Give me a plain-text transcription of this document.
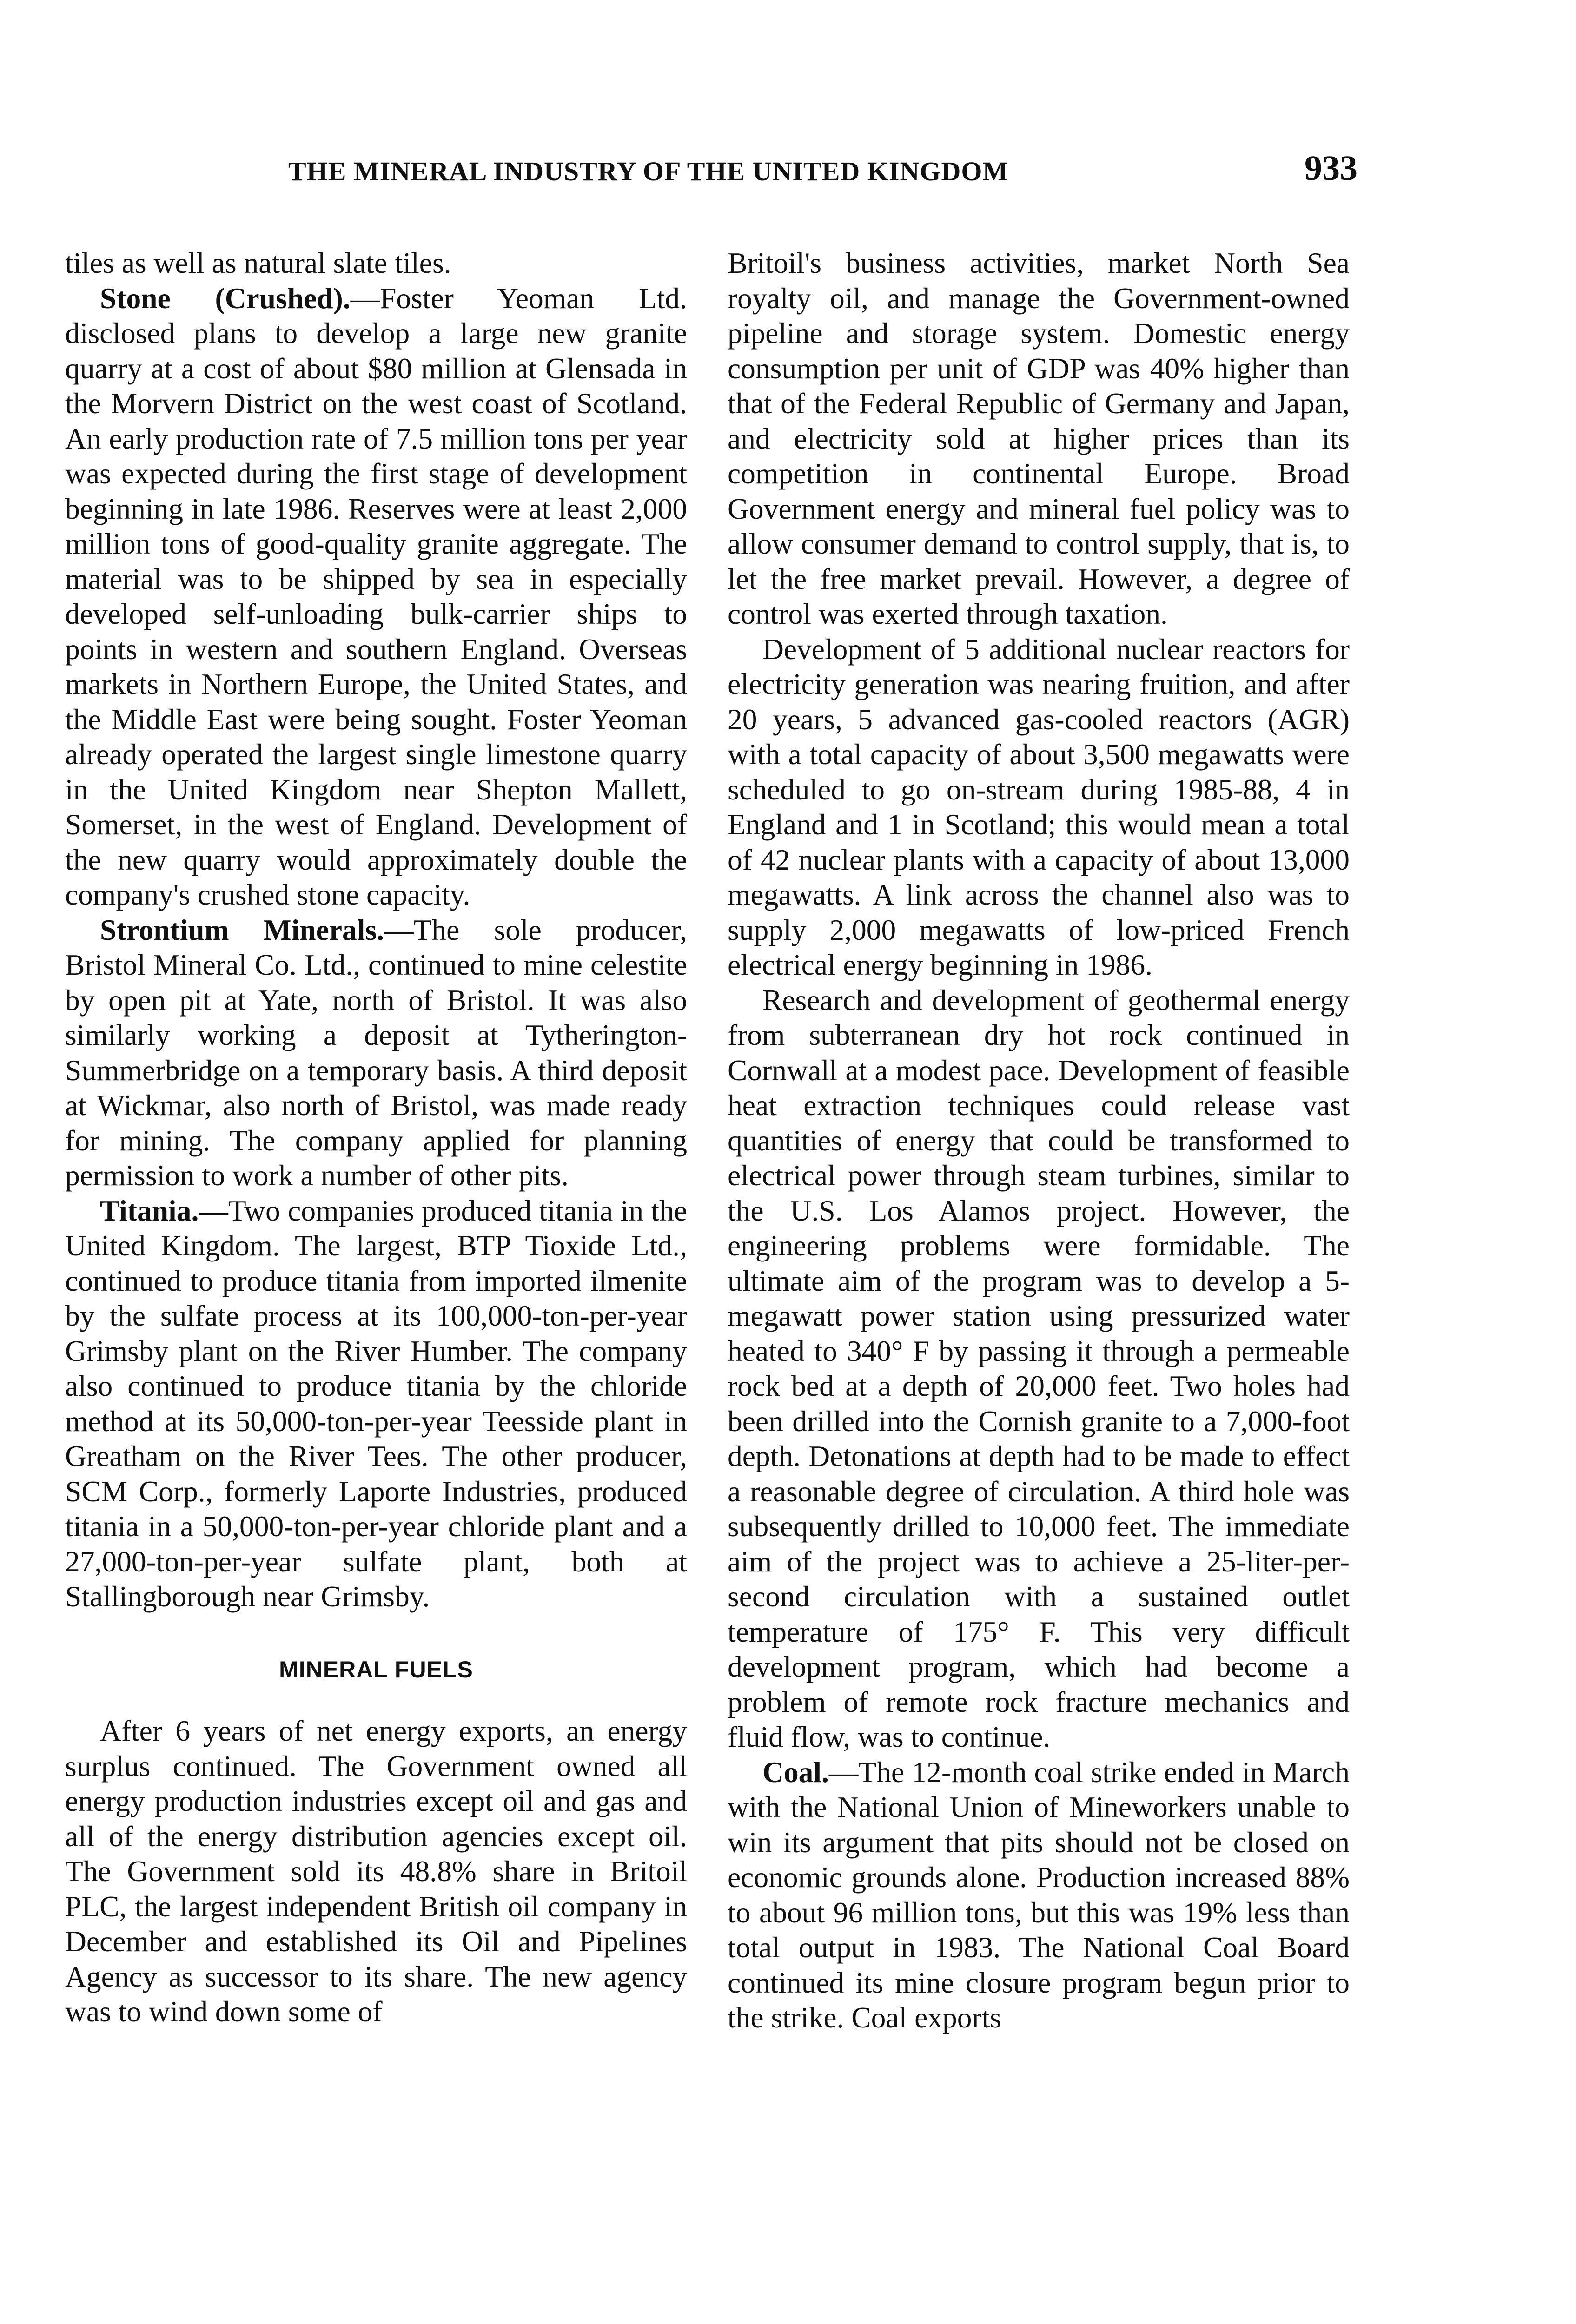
THE MINERAL INDUSTRY OF THE UNITED KINGDOM	933

tiles as well as natural slate tiles.

Stone (Crushed).—Foster Yeoman Ltd. disclosed plans to develop a large new granite quarry at a cost of about $80 million at Glensada in the Morvern District on the west coast of Scotland. An early production rate of 7.5 million tons per year was expected during the first stage of development beginning in late 1986. Reserves were at least 2,000 million tons of good-quality granite aggregate. The material was to be shipped by sea in especially developed self-unloading bulk-carrier ships to points in western and southern England. Overseas markets in Northern Europe, the United States, and the Middle East were being sought. Foster Yeoman already operated the largest single limestone quarry in the United Kingdom near Shepton Mallett, Somerset, in the west of England. Development of the new quarry would approximately double the company's crushed stone capacity.

Strontium Minerals.—The sole producer, Bristol Mineral Co. Ltd., continued to mine celestite by open pit at Yate, north of Bristol. It was also similarly working a deposit at Tytherington-Summerbridge on a temporary basis. A third deposit at Wickmar, also north of Bristol, was made ready for mining. The company applied for planning permission to work a number of other pits.

Titania.—Two companies produced titania in the United Kingdom. The largest, BTP Tioxide Ltd., continued to produce titania from imported ilmenite by the sulfate process at its 100,000-ton-per-year Grimsby plant on the River Humber. The company also continued to produce titania by the chloride method at its 50,000-ton-per-year Teesside plant in Greatham on the River Tees. The other producer, SCM Corp., formerly Laporte Industries, produced titania in a 50,000-ton-per-year chloride plant and a 27,000-ton-per-year sulfate plant, both at Stallingborough near Grimsby.

MINERAL FUELS

After 6 years of net energy exports, an energy surplus continued. The Government owned all energy production industries except oil and gas and all of the energy distribution agencies except oil. The Government sold its 48.8% share in Britoil PLC, the largest independent British oil company in December and established its Oil and Pipelines Agency as successor to its share. The new agency was to wind down some of

Britoil's business activities, market North Sea royalty oil, and manage the Government-owned pipeline and storage system. Domestic energy consumption per unit of GDP was 40% higher than that of the Federal Republic of Germany and Japan, and electricity sold at higher prices than its competition in continental Europe. Broad Government energy and mineral fuel policy was to allow consumer demand to control supply, that is, to let the free market prevail. However, a degree of control was exerted through taxation.

Development of 5 additional nuclear reactors for electricity generation was nearing fruition, and after 20 years, 5 advanced gas-cooled reactors (AGR) with a total capacity of about 3,500 megawatts were scheduled to go on-stream during 1985-88, 4 in England and 1 in Scotland; this would mean a total of 42 nuclear plants with a capacity of about 13,000 megawatts. A link across the channel also was to supply 2,000 megawatts of low-priced French electrical energy beginning in 1986.

Research and development of geothermal energy from subterranean dry hot rock continued in Cornwall at a modest pace. Development of feasible heat extraction techniques could release vast quantities of energy that could be transformed to electrical power through steam turbines, similar to the U.S. Los Alamos project. However, the engineering problems were formidable. The ultimate aim of the program was to develop a 5-megawatt power station using pressurized water heated to 340° F by passing it through a permeable rock bed at a depth of 20,000 feet. Two holes had been drilled into the Cornish granite to a 7,000-foot depth. Detonations at depth had to be made to effect a reasonable degree of circulation. A third hole was subsequently drilled to 10,000 feet. The immediate aim of the project was to achieve a 25-liter-per-second circulation with a sustained outlet temperature of 175° F. This very difficult development program, which had become a problem of remote rock fracture mechanics and fluid flow, was to continue.

Coal.—The 12-month coal strike ended in March with the National Union of Mineworkers unable to win its argument that pits should not be closed on economic grounds alone. Production increased 88% to about 96 million tons, but this was 19% less than total output in 1983. The National Coal Board continued its mine closure program begun prior to the strike. Coal exports
